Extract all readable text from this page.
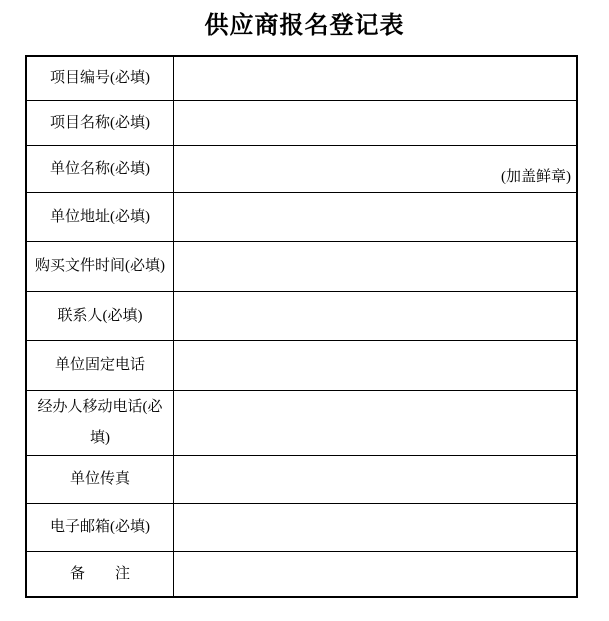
供应商报名登记表
项目编号(必填)
项目名称(必填)
单位名称(必填)
(加盖鲜章)
单位地址(必填)
购买文件时间(必填)
联系人(必填)
单位固定电话
经办人移动电话(必填)
单位传真
电子邮箱(必填)
备　　注
